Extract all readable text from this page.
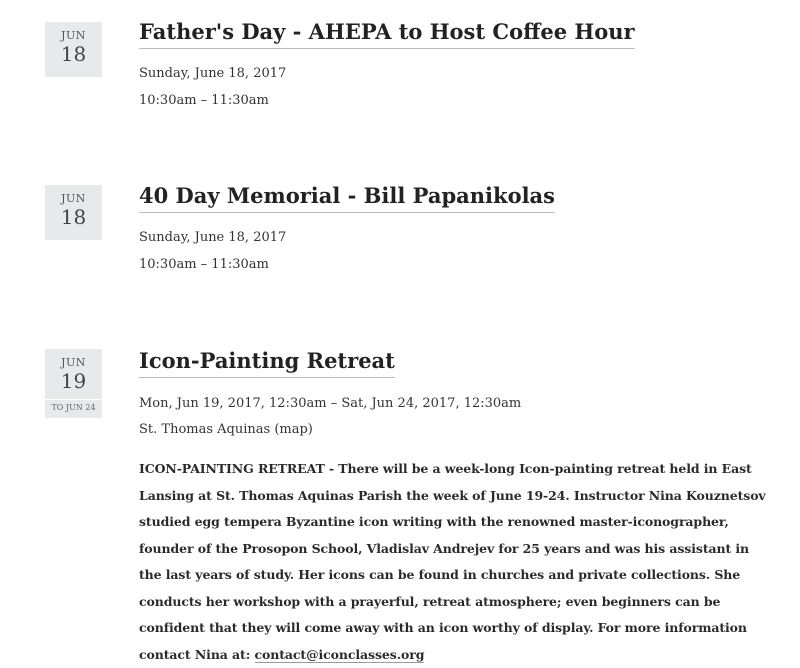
JUN
18
Father's Day - AHEPA to Host Coffee Hour
Sunday, June 18, 2017
10:30am – 11:30am
JUN
18
40 Day Memorial - Bill Papanikolas
Sunday, June 18, 2017
10:30am – 11:30am
JUN
19
TO JUN 24
Icon-Painting Retreat
Mon, Jun 19, 2017, 12:30am – Sat, Jun 24, 2017, 12:30am
St. Thomas Aquinas (map)

ICON-PAINTING RETREAT - There will be a week-long Icon-painting retreat held in East Lansing at St. Thomas Aquinas Parish the week of June 19-24. Instructor Nina Kouznetsov studied egg tempera Byzantine icon writing with the renowned master-iconographer, founder of the Prosopon School, Vladislav Andrejev for 25 years and was his assistant in the last years of study. Her icons can be found in churches and private collections. She conducts her workshop with a prayerful, retreat atmosphere; even beginners can be confident that they will come away with an icon worthy of display. For more information contact Nina at: contact@iconclasses.org
